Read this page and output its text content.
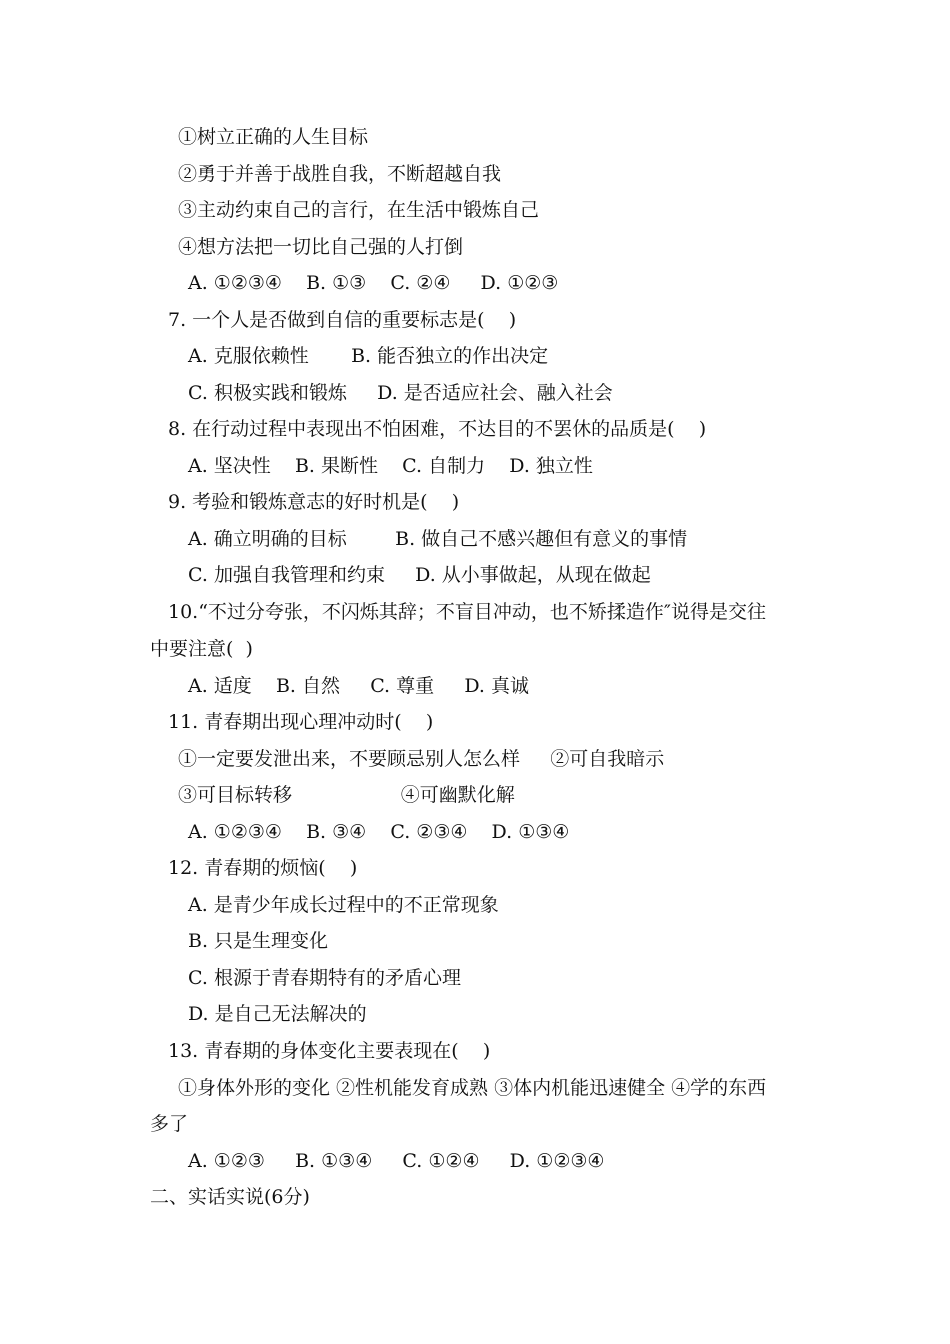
①树立正确的人生目标
②勇于并善于战胜自我，不断超越自我
③主动约束自己的言行，在生活中锻炼自己
④想方法把一切比自己强的人打倒
A. ①②③④    B. ①③    C. ②④     D. ①②③
7. 一个人是否做到自信的重要标志是(    )
A. 克服依赖性       B. 能否独立的作出决定
C. 积极实践和锻炼     D. 是否适应社会、融入社会
8. 在行动过程中表现出不怕困难，不达目的不罢休的品质是(    )
A. 坚决性    B. 果断性    C. 自制力    D. 独立性
9. 考验和锻炼意志的好时机是(    )
A. 确立明确的目标        B. 做自己不感兴趣但有意义的事情
C. 加强自我管理和约束     D. 从小事做起，从现在做起
10.“不过分夸张，不闪烁其辞；不盲目冲动，也不矫揉造作″说得是交往
中要注意(  )
A. 适度    B. 自然     C. 尊重     D. 真诚
11. 青春期出现心理冲动时(    )
①一定要发泄出来，不要顾忌别人怎么样     ②可自我暗示
③可目标转移                  ④可幽默化解
A. ①②③④    B. ③④    C. ②③④    D. ①③④
12. 青春期的烦恼(    )
A. 是青少年成长过程中的不正常现象
B. 只是生理变化
C. 根源于青春期特有的矛盾心理
D. 是自己无法解决的
13. 青春期的身体变化主要表现在(    )
①身体外形的变化 ②性机能发育成熟 ③体内机能迅速健全 ④学的东西
多了
A. ①②③     B. ①③④     C. ①②④     D. ①②③④
二、实话实说(6分)
